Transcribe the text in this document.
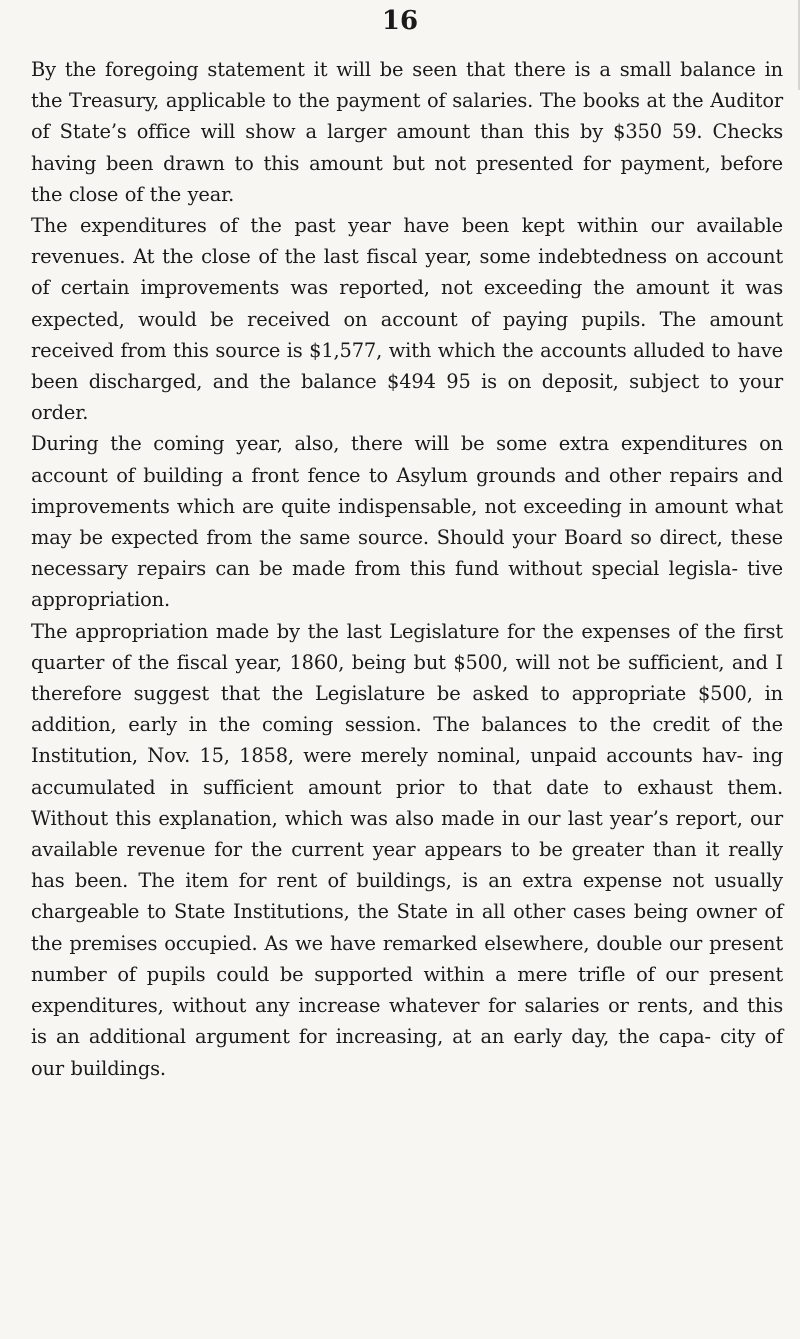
16

By the foregoing statement it will be seen that there is a small balance in the Treasury, applicable to the payment of salaries. The books at the Auditor of State’s office will show a larger amount than this by $350 59. Checks having been drawn to this amount but not presented for payment, before the close of the year.

The expenditures of the past year have been kept within our available revenues. At the close of the last fiscal year, some indebtedness on account of certain improvements was reported, not exceeding the amount it was expected, would be received on account of paying pupils. The amount received from this source is $1,577, with which the accounts alluded to have been discharged, and the balance $494 95 is on deposit, subject to your order.

During the coming year, also, there will be some extra expenditures on account of building a front fence to Asylum grounds and other repairs and improvements which are quite indispensable, not exceeding in amount what may be expected from the same source. Should your Board so direct, these necessary repairs can be made from this fund without special legisla- tive appropriation.

The appropriation made by the last Legislature for the expenses of the first quarter of the fiscal year, 1860, being but $500, will not be sufficient, and I therefore suggest that the Legislature be asked to appropriate $500, in addition, early in the coming session. The balances to the credit of the Institution, Nov. 15, 1858, were merely nominal, unpaid accounts hav- ing accumulated in sufficient amount prior to that date to exhaust them. Without this explanation, which was also made in our last year’s report, our available revenue for the current year appears to be greater than it really has been. The item for rent of buildings, is an extra expense not usually chargeable to State Institutions, the State in all other cases being owner of the premises occupied. As we have remarked elsewhere, double our present number of pupils could be supported within a mere trifle of our present expenditures, without any increase whatever for salaries or rents, and this is an additional argument for increasing, at an early day, the capa- city of our buildings.
